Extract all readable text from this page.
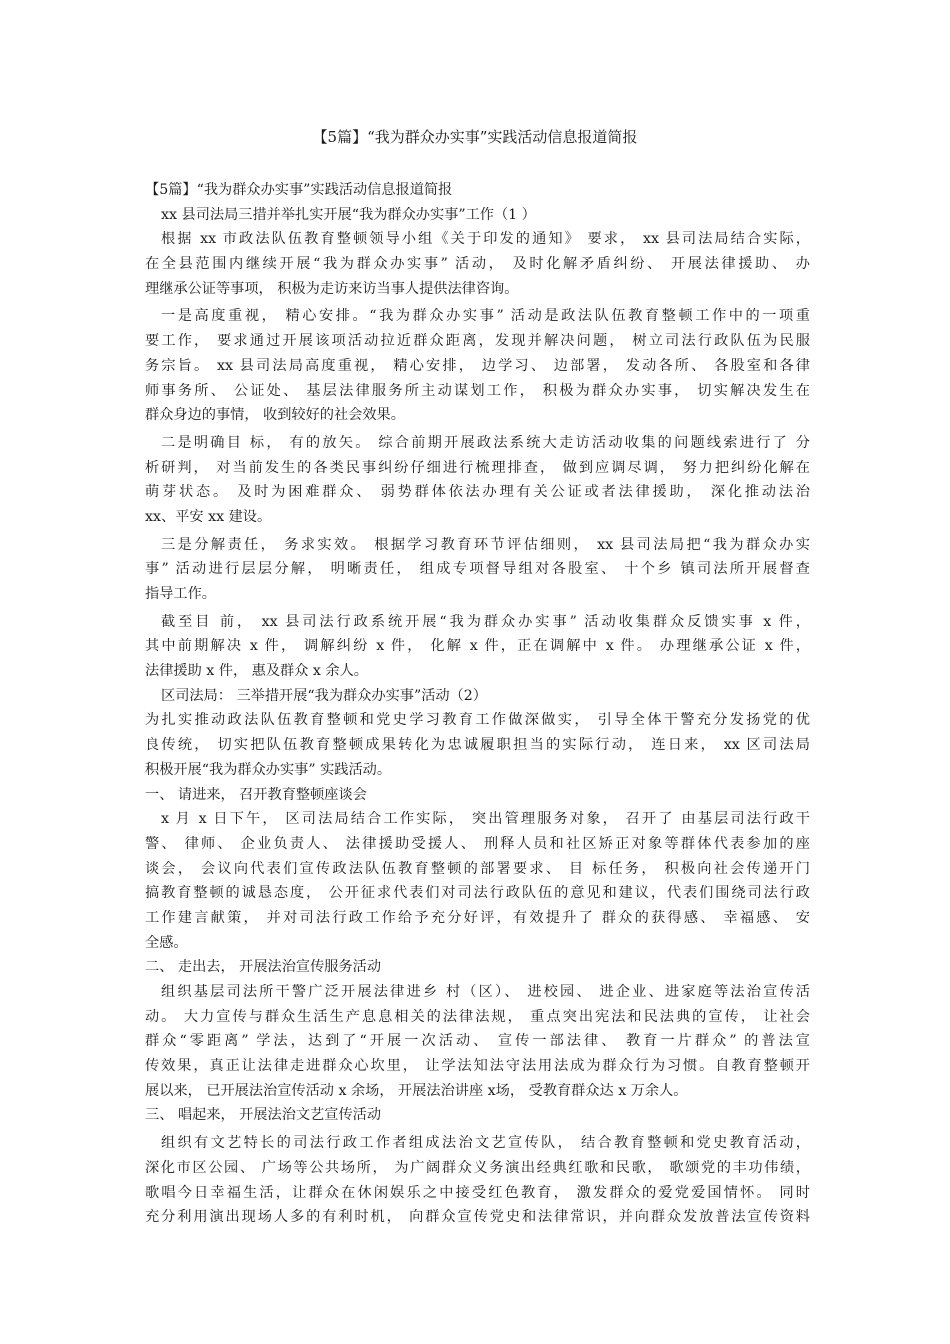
【5篇】“我为群众办实事”实践活动信息报道简报
【5篇】“我为群众办实事”实践活动信息报道简报
xx 县司法局三措并举扎实开展“我为群众办实事”工作（1 ）
根据 xx 市政法队伍教育整顿领导小组《关于印发的通知》 要求， xx 县司法局结合实际，
在全县范围内继续开展“我为群众办实事” 活动， 及时化解矛盾纠纷、 开展法律援助、 办
理继承公证等事项， 积极为走访来访当事人提供法律咨询。
一是高度重视， 精心安排。“我为群众办实事” 活动是政法队伍教育整顿工作中的一项重
要工作， 要求通过开展该项活动拉近群众距离，发现并解决问题， 树立司法行政队伍为民服
务宗旨。 xx 县司法局高度重视， 精心安排， 边学习、 边部署， 发动各所、 各股室和各律
师事务所、 公证处、 基层法律服务所主动谋划工作， 积极为群众办实事， 切实解决发生在
群众身边的事情， 收到较好的社会效果。
二是明确目 标， 有的放矢。 综合前期开展政法系统大走访活动收集的问题线索进行了 分
析研判， 对当前发生的各类民事纠纷仔细进行梳理排查， 做到应调尽调， 努力把纠纷化解在
萌芽状态。 及时为困难群众、 弱势群体依法办理有关公证或者法律援助， 深化推动法治
xx、平安 xx 建设。
三是分解责任， 务求实效。 根据学习教育环节评估细则， xx 县司法局把“我为群众办实
事” 活动进行层层分解， 明晰责任， 组成专项督导组对各股室、 十个乡 镇司法所开展督查
指导工作。
截至目 前， xx 县司法行政系统开展“我为群众办实事” 活动收集群众反馈实事 x 件，
其中前期解决 x 件， 调解纠纷 x 件， 化解 x 件，正在调解中 x 件。 办理继承公证 x 件，
法律援助 x 件， 惠及群众 x 余人。
区司法局： 三举措开展“我为群众办实事”活动（2）
为扎实推动政法队伍教育整顿和党史学习教育工作做深做实， 引导全体干警充分发扬党的优
良传统， 切实把队伍教育整顿成果转化为忠诚履职担当的实际行动， 连日来， xx 区司法局
积极开展“我为群众办实事” 实践活动。
一、 请进来， 召开教育整顿座谈会
x 月 x 日下午， 区司法局结合工作实际， 突出管理服务对象， 召开了 由基层司法行政干
警、 律师、 企业负责人、 法律援助受援人、 刑释人员和社区矫正对象等群体代表参加的座
谈会， 会议向代表们宣传政法队伍教育整顿的部署要求、 目 标任务， 积极向社会传递开门
搞教育整顿的诚恳态度， 公开征求代表们对司法行政队伍的意见和建议，代表们围绕司法行政
工作建言献策， 并对司法行政工作给予充分好评，有效提升了 群众的获得感、 幸福感、 安
全感。
二、 走出去， 开展法治宣传服务活动
组织基层司法所干警广泛开展法律进乡 村（区）、 进校园、 进企业、进家庭等法治宣传活
动。 大力宣传与群众生活生产息息相关的法律法规， 重点突出宪法和民法典的宣传， 让社会
群众“零距离” 学法，达到了“开展一次活动、 宣传一部法律、 教育一片群众” 的普法宣
传效果，真正让法律走进群众心坎里， 让学法知法守法用法成为群众行为习惯。自教育整顿开
展以来， 已开展法治宣传活动 x 余场， 开展法治讲座 x场， 受教育群众达 x 万余人。
三、 唱起来， 开展法治文艺宣传活动
组织有文艺特长的司法行政工作者组成法治文艺宣传队， 结合教育整顿和党史教育活动，
深化市区公园、 广场等公共场所， 为广阔群众义务演出经典红歌和民歌， 歌颂党的丰功伟绩，
歌唱今日幸福生活，让群众在休闲娱乐之中接受红色教育， 激发群众的爱党爱国情怀。 同时
充分利用演出现场人多的有利时机， 向群众宣传党史和法律常识，并向群众发放普法宣传资料
